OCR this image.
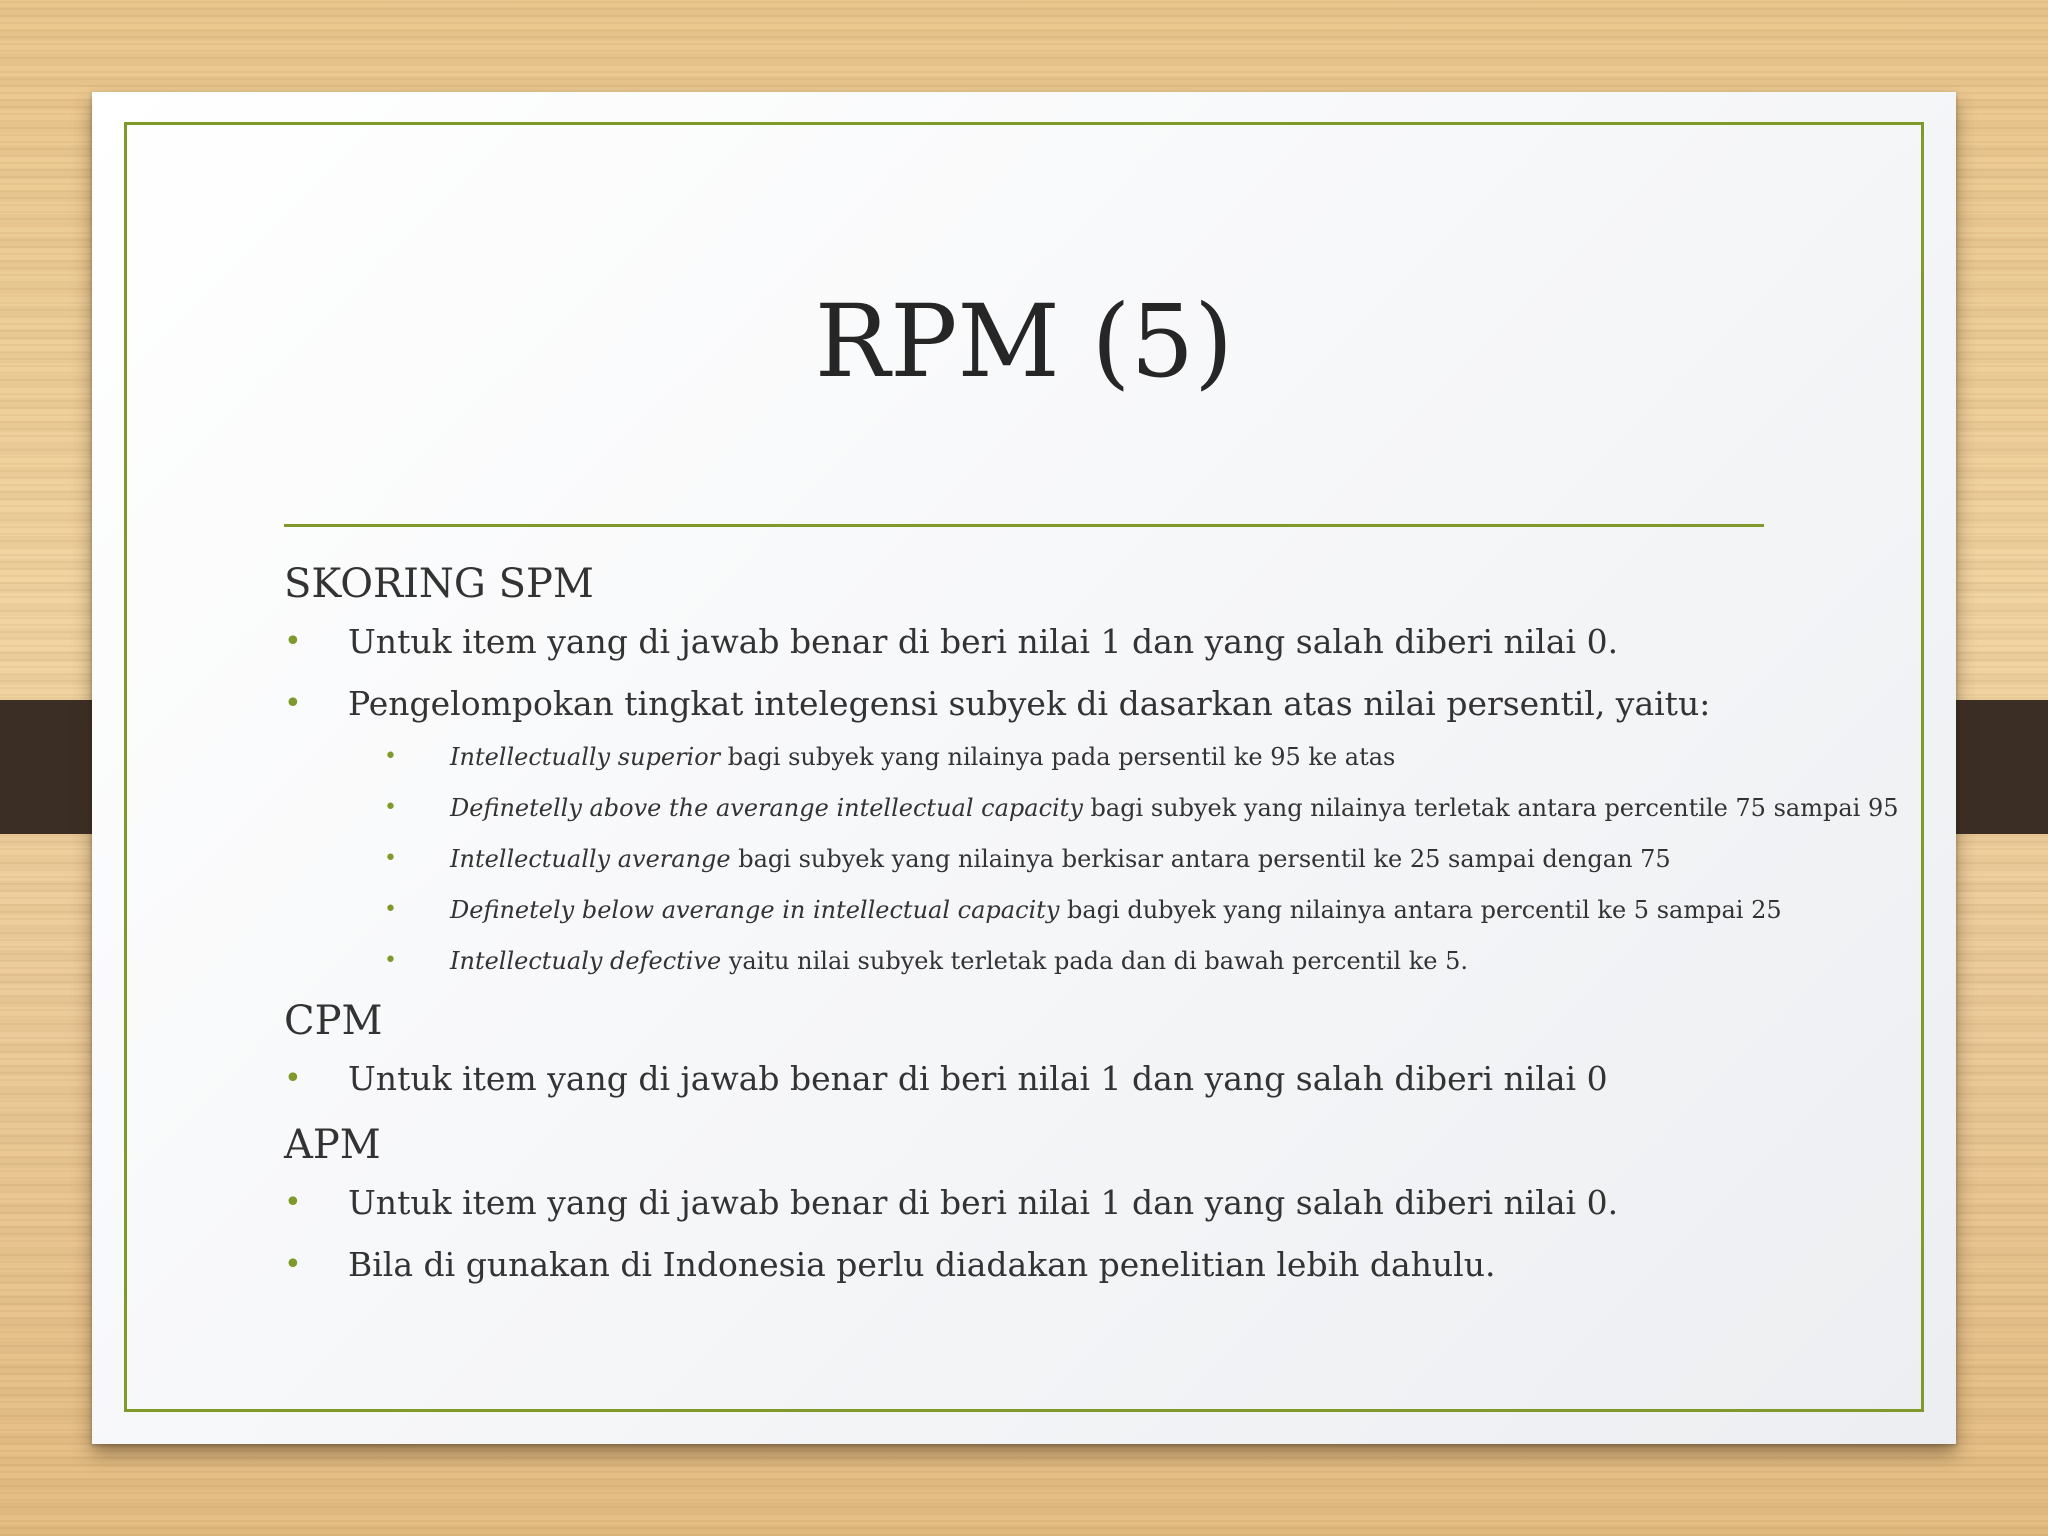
RPM (5)
SKORING SPM
• Untuk item yang di jawab benar di beri nilai 1 dan yang salah diberi nilai 0.
• Pengelompokan tingkat intelegensi subyek di dasarkan atas nilai persentil, yaitu:
• Intellectually superior bagi subyek yang nilainya pada persentil ke 95 ke atas
• Definetelly above the averange intellectual capacity bagi subyek yang nilainya terletak antara percentile 75 sampai 95
• Intellectually averange bagi subyek yang nilainya berkisar antara persentil ke 25 sampai dengan 75
• Definetely below averange in intellectual capacity bagi dubyek yang nilainya antara percentil ke 5 sampai 25
• Intellectualy defective yaitu nilai subyek terletak pada dan di bawah percentil ke 5.
CPM
• Untuk item yang di jawab benar di beri nilai 1 dan yang salah diberi nilai 0
APM
• Untuk item yang di jawab benar di beri nilai 1 dan yang salah diberi nilai 0.
• Bila di gunakan di Indonesia perlu diadakan penelitian lebih dahulu.
